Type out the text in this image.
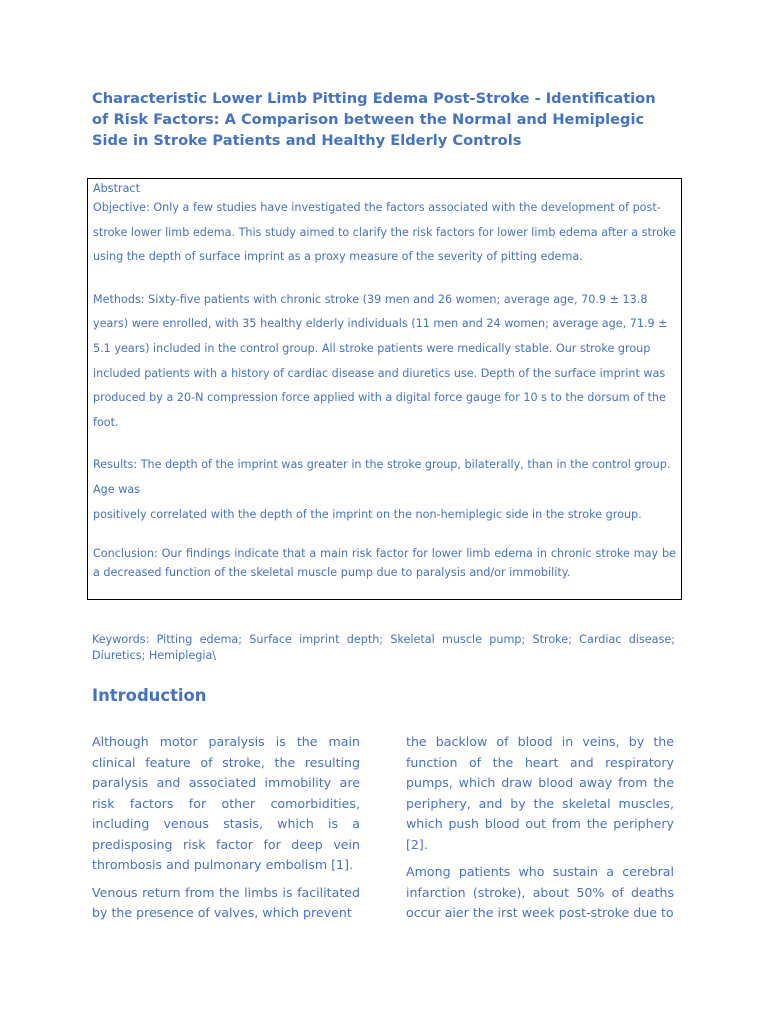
Characteristic Lower Limb Pitting Edema Post-Stroke - Identification of Risk Factors: A Comparison between the Normal and Hemiplegic Side in Stroke Patients and Healthy Elderly Controls
Abstract

Objective: Only a few studies have investigated the factors associated with the development of post-stroke lower limb edema. This study aimed to clarify the risk factors for lower limb edema after a stroke using the depth of surface imprint as a proxy measure of the severity of pitting edema.

Methods: Sixty-five patients with chronic stroke (39 men and 26 women; average age, 70.9 ± 13.8 years) were enrolled, with 35 healthy elderly individuals (11 men and 24 women; average age, 71.9 ± 5.1 years) included in the control group. All stroke patients were medically stable. Our stroke group included patients with a history of cardiac disease and diuretics use. Depth of the surface imprint was produced by a 20-N compression force applied with a digital force gauge for 10 s to the dorsum of the foot.

Results: The depth of the imprint was greater in the stroke group, bilaterally, than in the control group. Age was
positively correlated with the depth of the imprint on the non-hemiplegic side in the stroke group.

Conclusion: Our findings indicate that a main risk factor for lower limb edema in chronic stroke may be a decreased function of the skeletal muscle pump due to paralysis and/or immobility.

Keywords: Pitting edema; Surface imprint depth; Skeletal muscle pump; Stroke; Cardiac disease; Diuretics; Hemiplegia\

Introduction

Although motor paralysis is the main clinical feature of stroke, the resulting paralysis and associated immobility are risk factors for other comorbidities, including venous stasis, which is a predisposing risk factor for deep vein thrombosis and pulmonary embolism [1].

Venous return from the limbs is facilitated by the presence of valves, which prevent

the backlow of blood in veins, by the function of the heart and respiratory pumps, which draw blood away from the periphery, and by the skeletal muscles, which push blood out from the periphery [2].

Among patients who sustain a cerebral infarction (stroke), about 50% of deaths occur aier the irst week post-stroke due to
